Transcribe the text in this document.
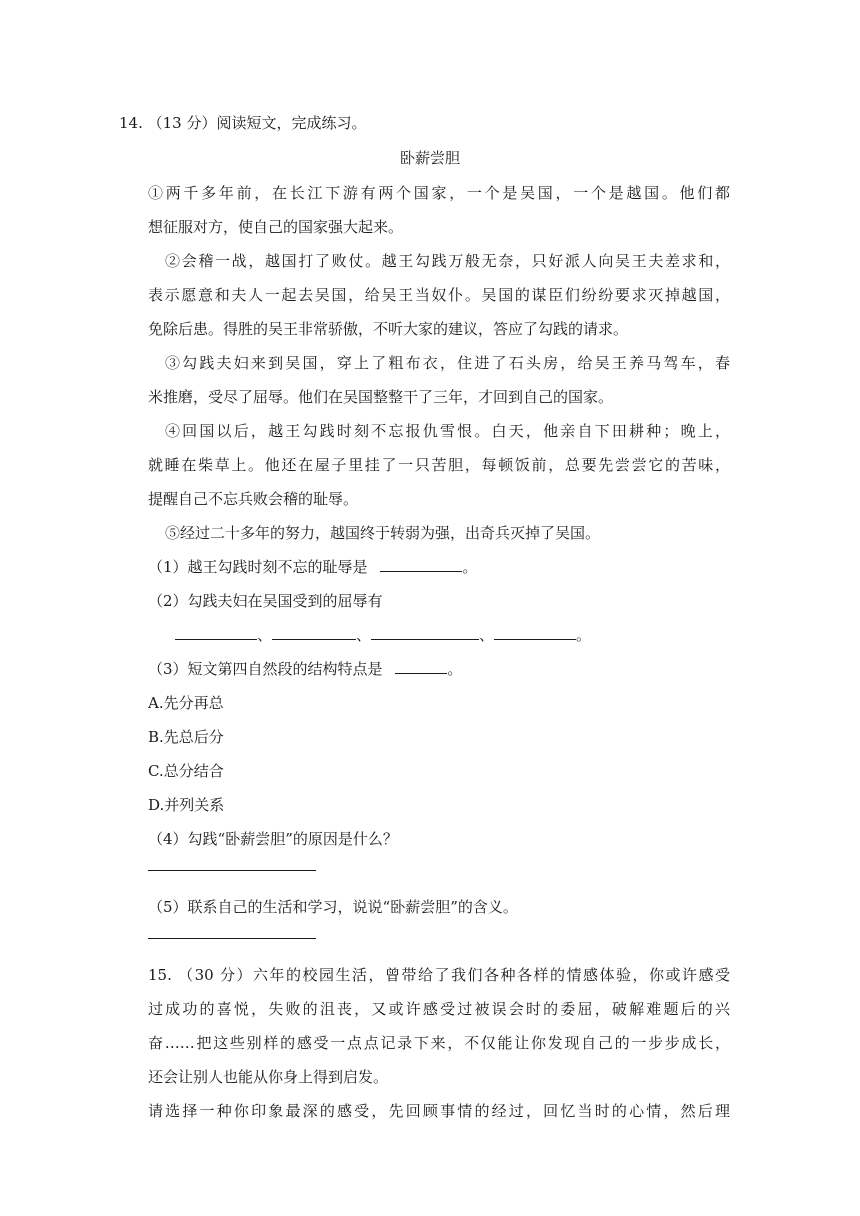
14. （13 分）阅读短文，完成练习。
卧薪尝胆
①两千多年前，在长江下游有两个国家，一个是吴国，一个是越国。他们都
想征服对方，使自己的国家强大起来。
②会稽一战，越国打了败仗。越王勾践万般无奈，只好派人向吴王夫差求和，
表示愿意和夫人一起去吴国，给吴王当奴仆。吴国的谋臣们纷纷要求灭掉越国，
免除后患。得胜的吴王非常骄傲，不听大家的建议，答应了勾践的请求。
③勾践夫妇来到吴国，穿上了粗布衣，住进了石头房，给吴王养马驾车，春
米推磨，受尽了屈辱。他们在吴国整整干了三年，才回到自己的国家。
④回国以后，越王勾践时刻不忘报仇雪恨。白天，他亲自下田耕种；晚上，
就睡在柴草上。他还在屋子里挂了一只苦胆，每顿饭前，总要先尝尝它的苦味，
提醒自己不忘兵败会稽的耻辱。
⑤经过二十多年的努力，越国终于转弱为强，出奇兵灭掉了吴国。
（1）越王勾践时刻不忘的耻辱是	。
（2）勾践夫妇在吴国受到的屈辱有
、	、	、	。
（3）短文第四自然段的结构特点是	。
A.先分再总
B.先总后分
C.总分结合
D.并列关系
（4）勾践“卧薪尝胆”的原因是什么？
（5）联系自己的生活和学习，说说“卧薪尝胆”的含义。
15. （30 分）六年的校园生活，曾带给了我们各种各样的情感体验，你或许感受
过成功的喜悦，失败的沮丧，又或许感受过被误会时的委屈，破解难题后的兴
奋……把这些别样的感受一点点记录下来，不仅能让你发现自己的一步步成长，
还会让别人也能从你身上得到启发。
请选择一种你印象最深的感受，先回顾事情的经过，回忆当时的心情，然后理
